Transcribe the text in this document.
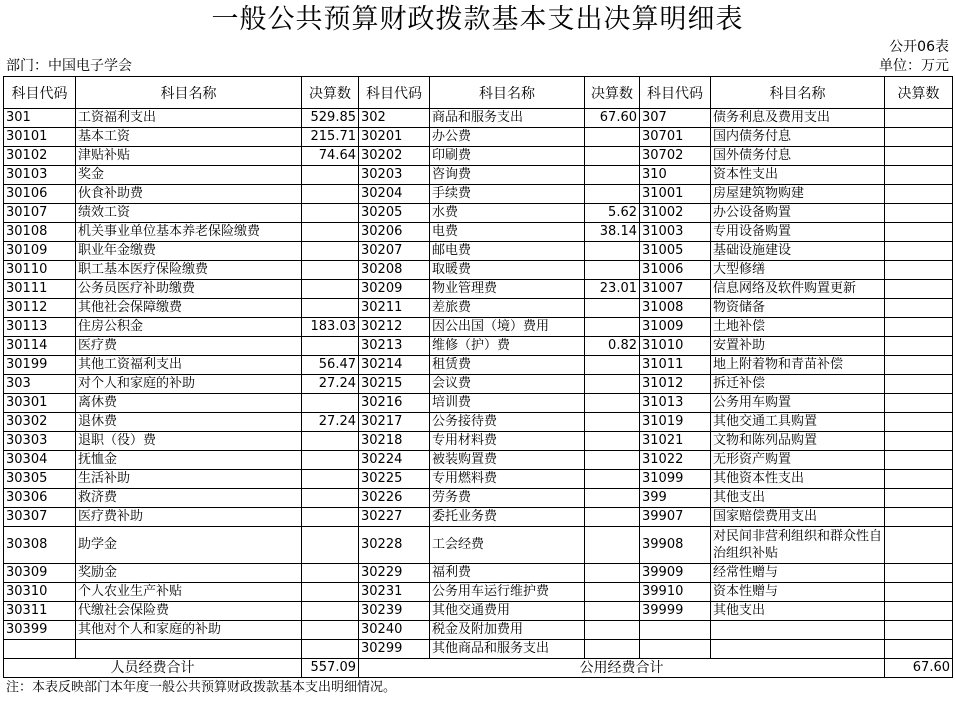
一般公共预算财政拨款基本支出决算明细表
公开06表
部门：中国电子学会	单位：万元
科目代码	科目名称	决算数	科目代码	科目名称	决算数	科目代码	科目名称	决算数
301	工资福利支出	529.85	302	商品和服务支出	67.60	307	债务利息及费用支出	
30101	基本工资	215.71	30201	办公费		30701	国内债务付息	
30102	津贴补贴	74.64	30202	印刷费		30702	国外债务付息	
30103	奖金		30203	咨询费		310	资本性支出	
30106	伙食补助费		30204	手续费		31001	房屋建筑物购建	
30107	绩效工资		30205	水费	5.62	31002	办公设备购置	
30108	机关事业单位基本养老保险缴费		30206	电费	38.14	31003	专用设备购置	
30109	职业年金缴费		30207	邮电费		31005	基础设施建设	
30110	职工基本医疗保险缴费		30208	取暖费		31006	大型修缮	
30111	公务员医疗补助缴费		30209	物业管理费	23.01	31007	信息网络及软件购置更新	
30112	其他社会保障缴费		30211	差旅费		31008	物资储备	
30113	住房公积金	183.03	30212	因公出国（境）费用		31009	土地补偿	
30114	医疗费		30213	维修（护）费	0.82	31010	安置补助	
30199	其他工资福利支出	56.47	30214	租赁费		31011	地上附着物和青苗补偿	
303	对个人和家庭的补助	27.24	30215	会议费		31012	拆迁补偿	
30301	离休费		30216	培训费		31013	公务用车购置	
30302	退休费	27.24	30217	公务接待费		31019	其他交通工具购置	
30303	退职（役）费		30218	专用材料费		31021	文物和陈列品购置	
30304	抚恤金		30224	被装购置费		31022	无形资产购置	
30305	生活补助		30225	专用燃料费		31099	其他资本性支出	
30306	救济费		30226	劳务费		399	其他支出	
30307	医疗费补助		30227	委托业务费		39907	国家赔偿费用支出	
30308	助学金		30228	工会经费		39908	对民间非营利组织和群众性自治组织补贴	
30309	奖励金		30229	福利费		39909	经常性赠与	
30310	个人农业生产补贴		30231	公务用车运行维护费		39910	资本性赠与	
30311	代缴社会保险费		30239	其他交通费用		39999	其他支出	
30399	其他对个人和家庭的补助		30240	税金及附加费用				
			30299	其他商品和服务支出				
人员经费合计		557.09	公用经费合计					67.60
注：本表反映部门本年度一般公共预算财政拨款基本支出明细情况。
